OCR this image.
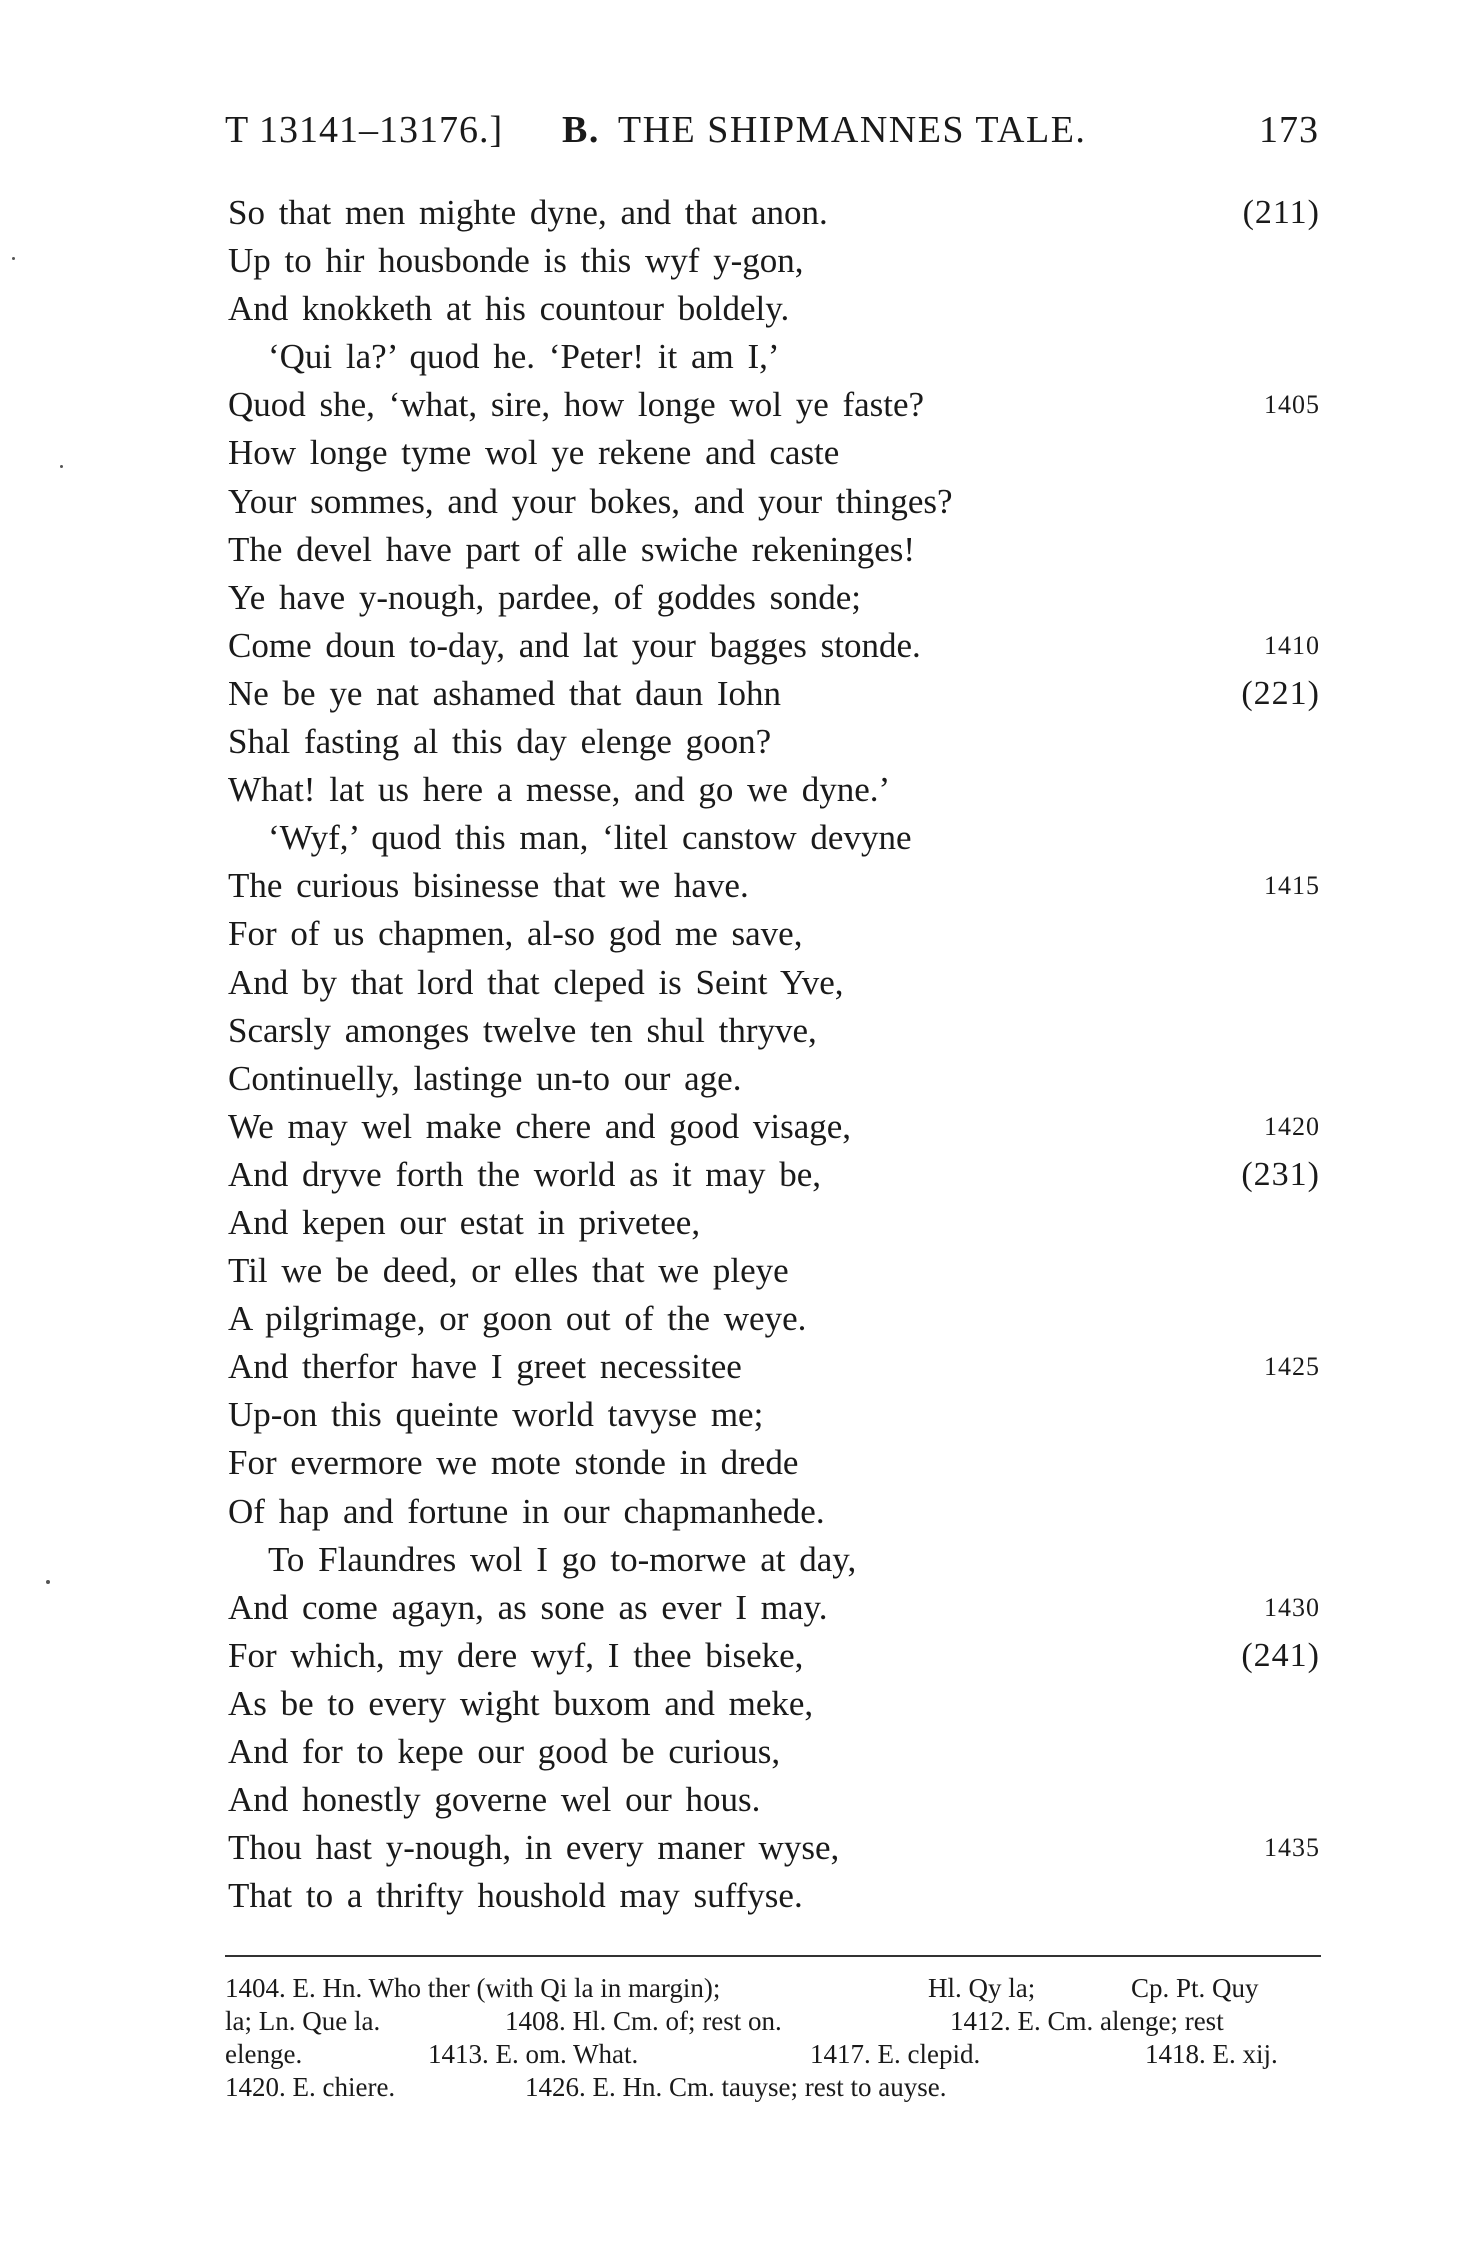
T 13141–13176.] B. THE SHIPMANNES TALE.	173
So that men mighte dyne, and that anon.	(211)
Up to hir housbonde is this wyf y-gon,
And knokketh at his countour boldely.
‘Qui la?’ quod he. ‘Peter! it am I,’
Quod she, ‘what, sire, how longe wol ye faste?	1405
How longe tyme wol ye rekene and caste
Your sommes, and your bokes, and your thinges?
The devel have part of alle swiche rekeninges!
Ye have y-nough, pardee, of goddes sonde;
Come doun to-day, and lat your bagges stonde.	1410
Ne be ye nat ashamed that daun Iohn	(221)
Shal fasting al this day elenge goon?
What! lat us here a messe, and go we dyne.’
‘Wyf,’ quod this man, ‘litel canstow devyne
The curious bisinesse that we have.	1415
For of us chapmen, al-so god me save,
And by that lord that cleped is Seint Yve,
Scarsly amonges twelve ten shul thryve,
Continuelly, lastinge un-to our age.
We may wel make chere and good visage,	1420
And dryve forth the world as it may be,	(231)
And kepen our estat in privetee,
Til we be deed, or elles that we pleye
A pilgrimage, or goon out of the weye.
And therfor have I greet necessitee	1425
Up-on this queinte world tavyse me;
For evermore we mote stonde in drede
Of hap and fortune in our chapmanhede.
To Flaundres wol I go to-morwe at day,
And come agayn, as sone as ever I may.	1430
For which, my dere wyf, I thee biseke,	(241)
As be to every wight buxom and meke,
And for to kepe our good be curious,
And honestly governe wel our hous.
Thou hast y-nough, in every maner wyse,	1435
That to a thrifty houshold may suffyse.
1404. E. Hn. Who ther (with Qi la in margin);	Hl. Qy la;	Cp. Pt. Quy
la; Ln. Que la.	1408. Hl. Cm. of; rest on.	1412. E. Cm. alenge; rest
elenge.	1413. E. om. What.	1417. E. clepid.	1418. E. xij.
1420. E. chiere.	1426. E. Hn. Cm. tauyse; rest to auyse.
